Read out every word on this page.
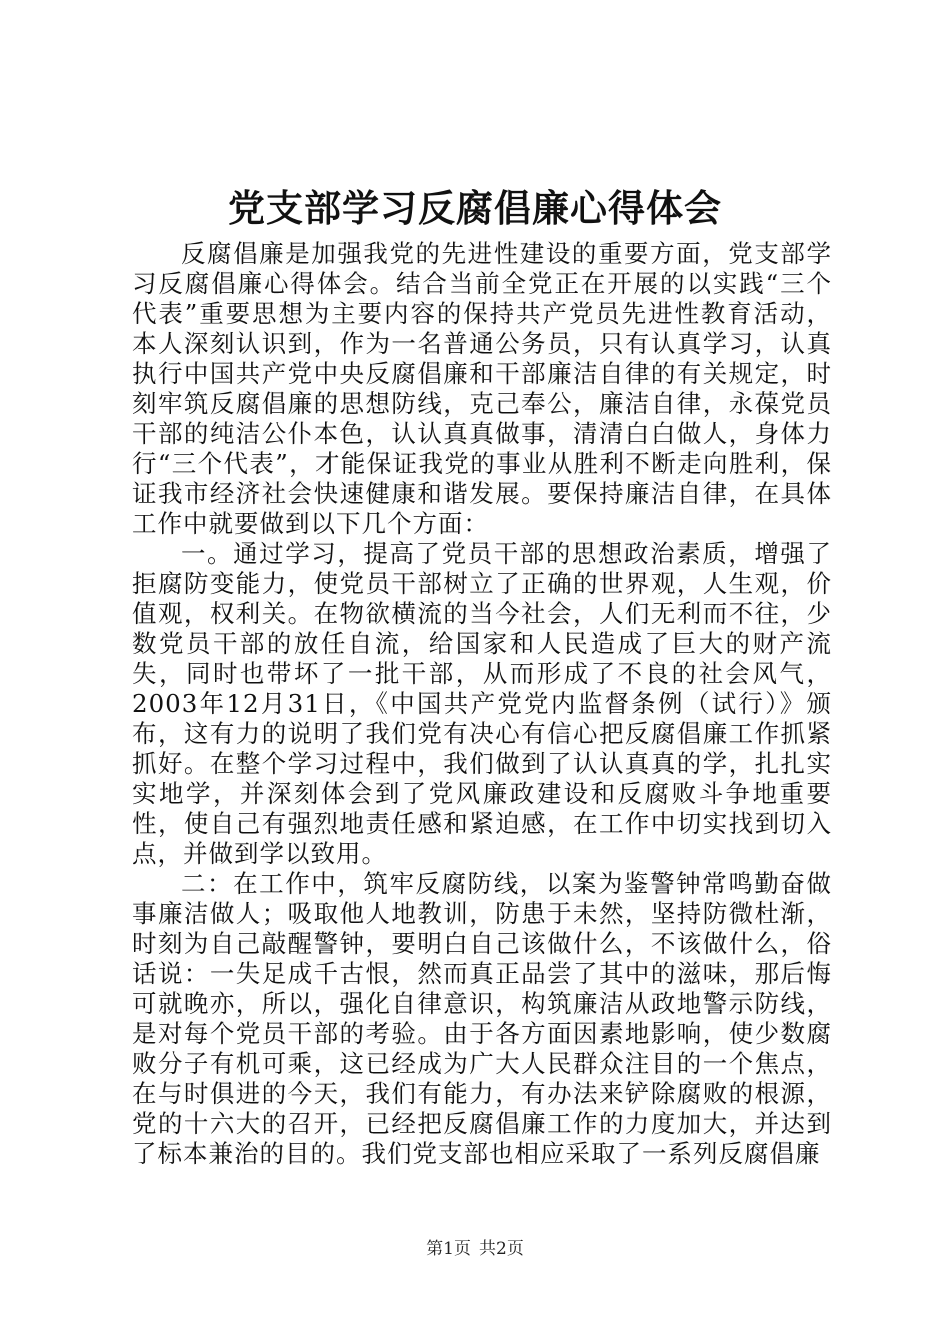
党支部学习反腐倡廉心得体会

反腐倡廉是加强我党的先进性建设的重要方面，党支部学习反腐倡廉心得体会。结合当前全党正在开展的以实践“三个代表”重要思想为主要内容的保持共产党员先进性教育活动，本人深刻认识到，作为一名普通公务员，只有认真学习，认真执行中国共产党中央反腐倡廉和干部廉洁自律的有关规定，时刻牢筑反腐倡廉的思想防线，克己奉公，廉洁自律，永葆党员干部的纯洁公仆本色，认认真真做事，清清白白做人，身体力行“三个代表”，才能保证我党的事业从胜利不断走向胜利，保证我市经济社会快速健康和谐发展。要保持廉洁自律，在具体工作中就要做到以下几个方面：

一。通过学习，提高了党员干部的思想政治素质，增强了拒腐防变能力，使党员干部树立了正确的世界观，人生观，价值观，权利关。在物欲横流的当今社会，人们无利而不往，少数党员干部的放任自流，给国家和人民造成了巨大的财产流失，同时也带坏了一批干部，从而形成了不良的社会风气，2003年12月31日，《中国共产党党内监督条例（试行）》颁布，这有力的说明了我们党有决心有信心把反腐倡廉工作抓紧抓好。在整个学习过程中，我们做到了认认真真的学，扎扎实实地学，并深刻体会到了党风廉政建设和反腐败斗争地重要性，使自己有强烈地责任感和紧迫感，在工作中切实找到切入点，并做到学以致用。

二：在工作中，筑牢反腐防线，以案为鉴警钟常鸣勤奋做事廉洁做人；吸取他人地教训，防患于未然，坚持防微杜渐，时刻为自己敲醒警钟，要明白自己该做什么，不该做什么，俗话说：一失足成千古恨，然而真正品尝了其中的滋味，那后悔可就晚亦，所以，强化自律意识，构筑廉洁从政地警示防线，是对每个党员干部的考验。由于各方面因素地影响，使少数腐败分子有机可乘，这已经成为广大人民群众注目的一个焦点，在与时俱进的今天，我们有能力，有办法来铲除腐败的根源，党的十六大的召开，已经把反腐倡廉工作的力度加大，并达到了标本兼治的目的。我们党支部也相应采取了一系列反腐倡廉

第1页 共2页
